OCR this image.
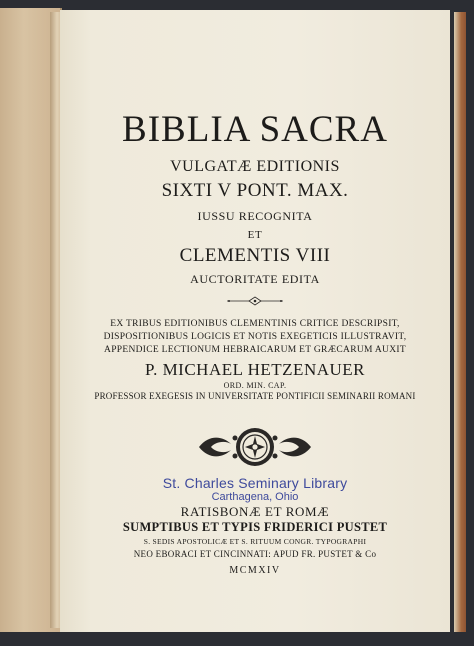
BIBLIA SACRA
VULGATÆ EDITIONIS
SIXTI V PONT. MAX.
IUSSU RECOGNITA
ET
CLEMENTIS VIII
AUCTORITATE EDITA
EX TRIBUS EDITIONIBUS CLEMENTINIS CRITICE DESCRIPSIT,
DISPOSITIONIBUS LOGICIS ET NOTIS EXEGETICIS ILLUSTRAVIT,
APPENDICE LECTIONUM HEBRAICARUM ET GRÆCARUM AUXIT
P. MICHAEL HETZENAUER
ORD. MIN. CAP.
PROFESSOR EXEGESIS IN UNIVERSITATE PONTIFICII SEMINARII ROMANI
St. Charles Seminary Library
Carthagena, Ohio
RATISBONÆ ET ROMÆ
SUMPTIBUS ET TYPIS FRIDERICI PUSTET
S. SEDIS APOSTOLICÆ ET S. RITUUM CONGR. TYPOGRAPHI
NEO EBORACI ET CINCINNATI: APUD FR. PUSTET & Co
MCMXIV
